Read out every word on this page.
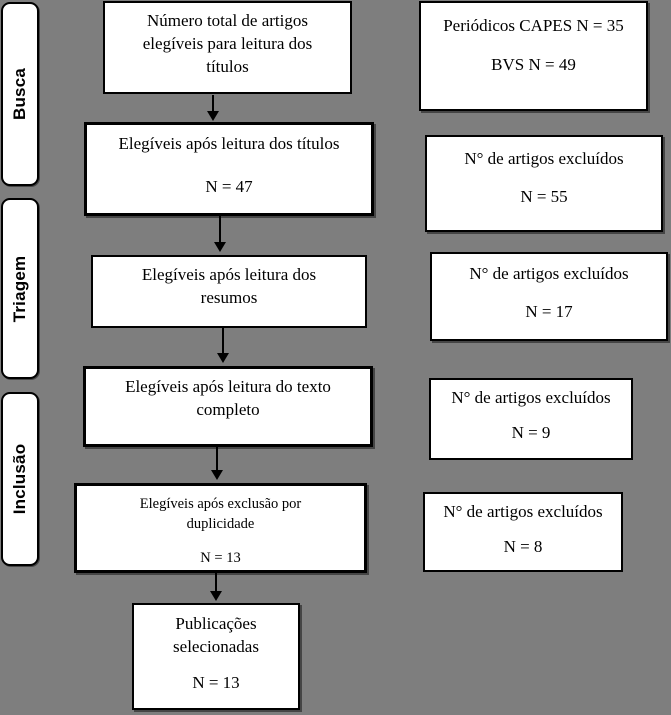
Busca
Triagem
Inclusão
Número total de artigos
elegíveis para leitura dos
títulos
Elegíveis após leitura dos títulos
N = 47
Elegíveis após leitura dos
resumos
Elegíveis após leitura do texto
completo
Elegíveis após exclusão por
duplicidade
N = 13
Publicações
selecionadas
N = 13
Periódicos CAPES N = 35
BVS N = 49
N° de artigos excluídos
N = 55
N° de artigos excluídos
N = 17
N° de artigos excluídos
N = 9
N° de artigos excluídos
N = 8
